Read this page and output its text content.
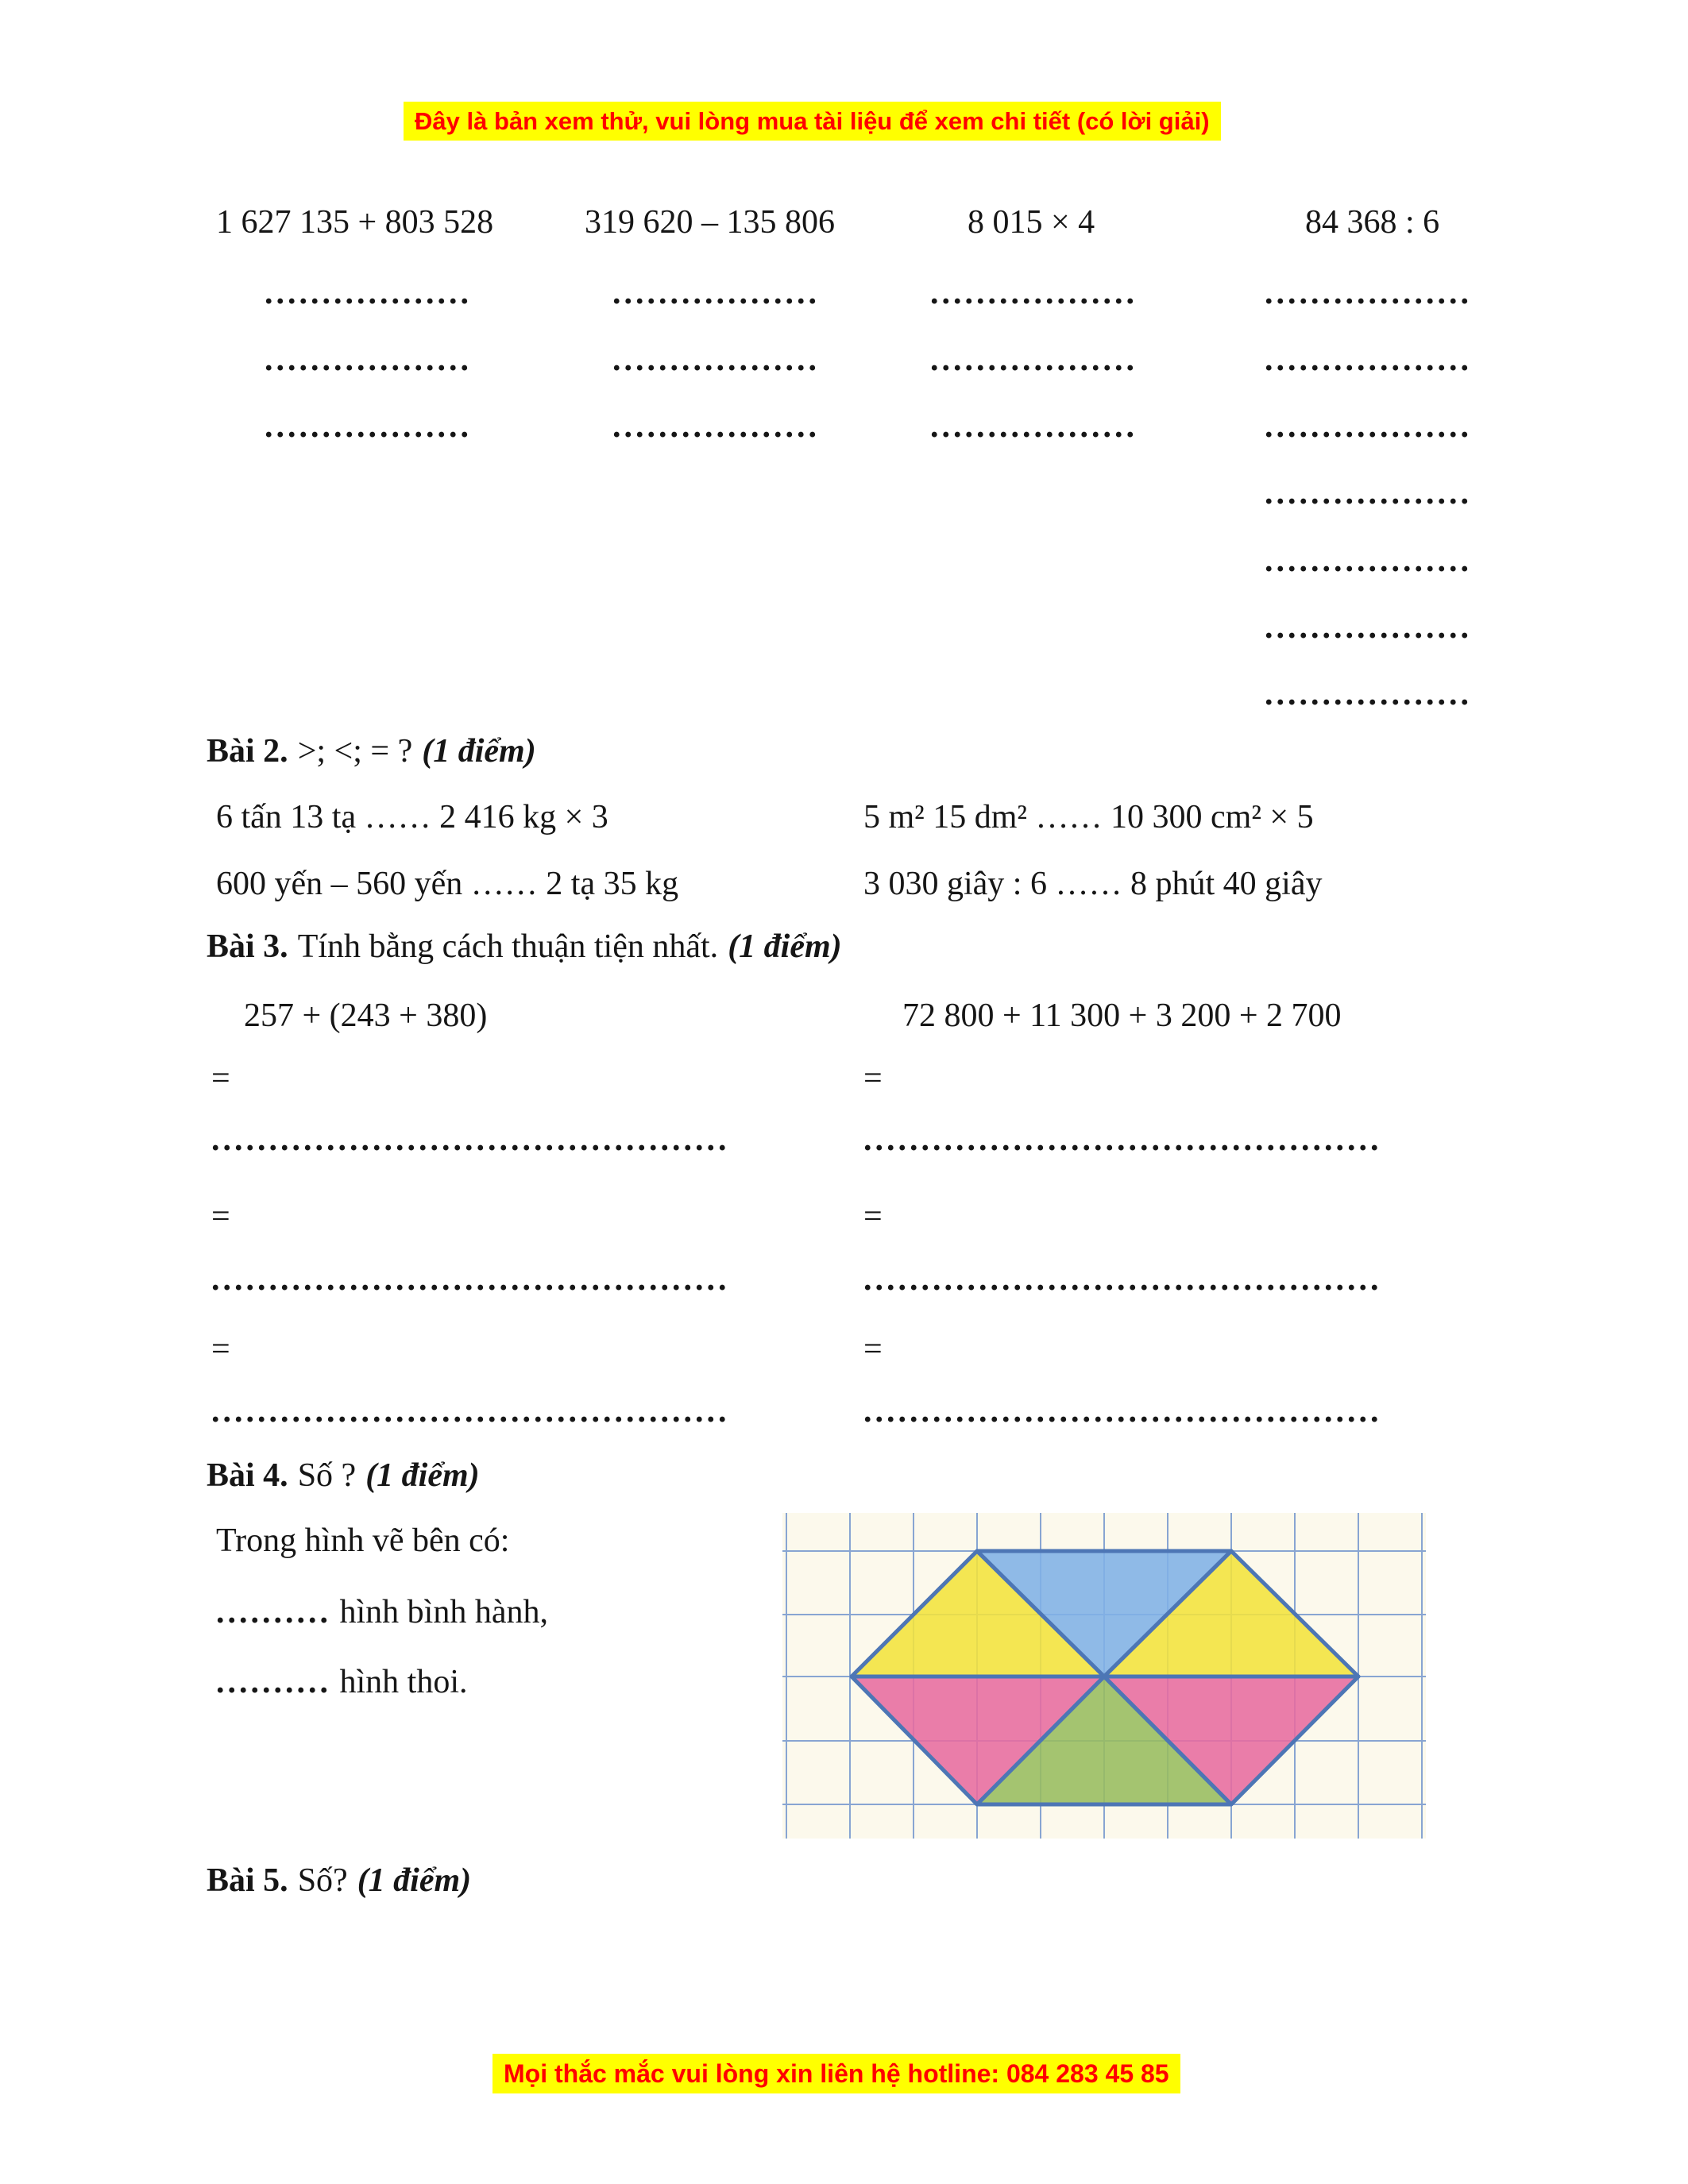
Đây là bản xem thử, vui lòng mua tài liệu để xem chi tiết (có lời giải)
1 627 135 + 803 528	319 620 – 135 806	8 015 × 4	84 368 : 6
..................	..................	..................	..................
..................	..................	..................	..................
..................	..................	..................	..................
..................
..................
..................
..................
Bài 2. >; <; = ? (1 điểm)
6 tấn 13 tạ …… 2 416 kg × 3	5 m² 15 dm² …… 10 300 cm² × 5
600 yến – 560 yến …… 2 tạ 35 kg	3 030 giây : 6 …… 8 phút 40 giây
Bài 3. Tính bằng cách thuận tiện nhất. (1 điểm)
257 + (243 + 380)	72 800 + 11 300 + 3 200 + 2 700
=	=
.............................................	.............................................
=	=
.............................................	.............................................
=	=
.............................................	.............................................
Bài 4. Số ? (1 điểm)
Trong hình vẽ bên có:
.......... hình bình hành,
.......... hình thoi.
Bài 5. Số? (1 điểm)
Mọi thắc mắc vui lòng xin liên hệ hotline: 084 283 45 85
